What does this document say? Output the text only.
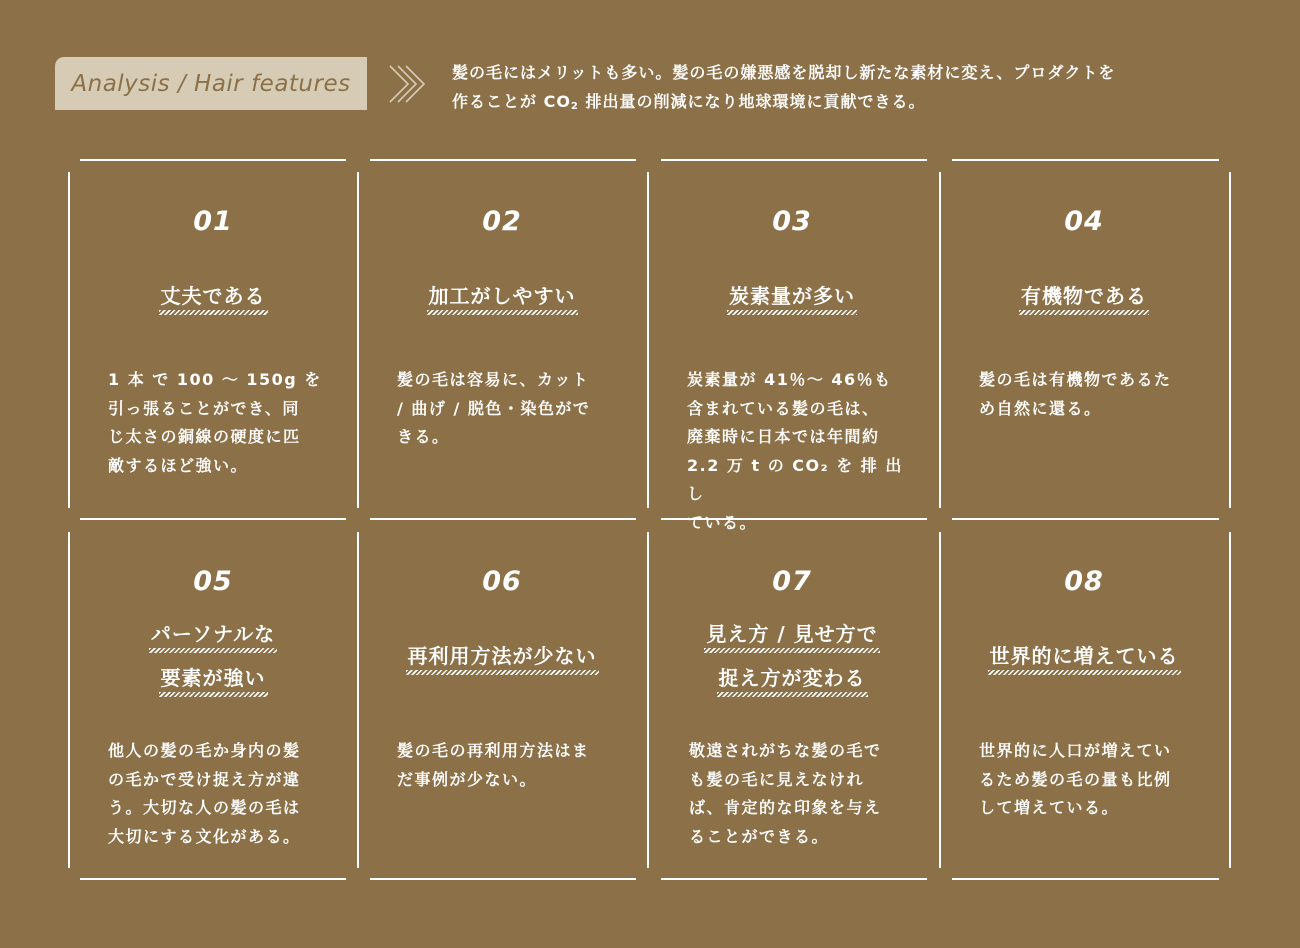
Analysis / Hair features	髪の毛にはメリットも多い。髪の毛の嫌悪感を脱却し新たな素材に変え、プロダクトを
作ることが $CO_2$ 排出量の削減になり地球環境に貢献できる。
01
丈夫である
1 本 で 100 〜 150g を
引っ張ることができ、同
じ太さの銅線の硬度に匹
敵するほど強い。
02
加工がしやすい
髪の毛は容易に、カット
/ 曲げ / 脱色・染色がで
きる。
03
炭素量が多い
炭素量が 41％〜 46％も
含まれている髪の毛は、
廃棄時に日本では年間約
2.2 万 t の CO₂ を 排 出 し
ている。
04
有機物である
髪の毛は有機物であるた
め自然に還る。
05
パーソナルな
要素が強い
他人の髪の毛か身内の髪
の毛かで受け捉え方が違
う。大切な人の髪の毛は
大切にする文化がある。
06
再利用方法が少ない
髪の毛の再利用方法はま
だ事例が少ない。
07
見え方 / 見せ方で
捉え方が変わる
敬遠されがちな髪の毛で
も髪の毛に見えなけれ
ば、肯定的な印象を与え
ることができる。
08
世界的に増えている
世界的に人口が増えてい
るため髪の毛の量も比例
して増えている。
